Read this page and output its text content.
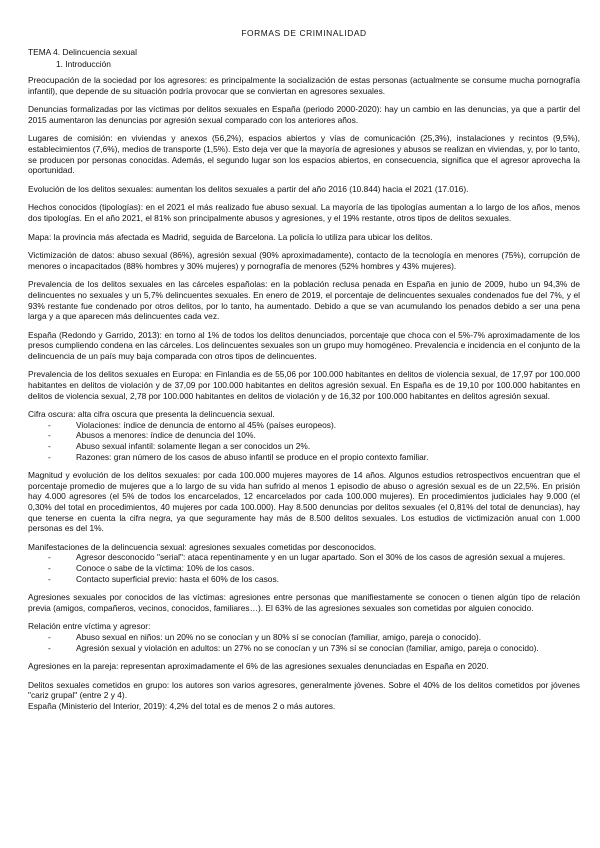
FORMAS DE CRIMINALIDAD
TEMA 4. Delincuencia sexual
1. Introducción

Preocupación de la sociedad por los agresores: es principalmente la socialización de estas personas (actualmente se consume mucha pornografía infantil), que depende de su situación podría provocar que se conviertan en agresores sexuales.

Denuncias formalizadas por las víctimas por delitos sexuales en España (periodo 2000-2020): hay un cambio en las denuncias, ya que a partir del 2015 aumentaron las denuncias por agresión sexual comparado con los anteriores años.

Lugares de comisión: en viviendas y anexos (56,2%), espacios abiertos y vías de comunicación (25,3%), instalaciones y recintos (9,5%), establecimientos (7,6%), medios de transporte (1,5%). Esto deja ver que la mayoría de agresiones y abusos se realizan en viviendas, y, por lo tanto, se producen por personas conocidas. Además, el segundo lugar son los espacios abiertos, en consecuencia, significa que el agresor aprovecha la oportunidad.

Evolución de los delitos sexuales: aumentan los delitos sexuales a partir del año 2016 (10.844) hacia el 2021 (17.016).

Hechos conocidos (tipologías): en el 2021 el más realizado fue abuso sexual. La mayoría de las tipologías aumentan a lo largo de los años, menos dos tipologías. En el año 2021, el 81% son principalmente abusos y agresiones, y el 19% restante, otros tipos de delitos sexuales.

Mapa: la provincia más afectada es Madrid, seguida de Barcelona. La policía lo utiliza para ubicar los delitos.

Victimización de datos: abuso sexual (86%), agresión sexual (90% aproximadamente), contacto de la tecnología en menores (75%), corrupción de menores o incapacitados (88% hombres y 30% mujeres) y pornografía de menores (52% hombres y 43% mujeres).

Prevalencia de los delitos sexuales en las cárceles españolas: en la población reclusa penada en España en junio de 2009, hubo un 94,3% de delincuentes no sexuales y un 5,7% delincuentes sexuales. En enero de 2019, el porcentaje de delincuentes sexuales condenados fue del 7%, y el 93% restante fue condenado por otros delitos, por lo tanto, ha aumentado. Debido a que se van acumulando los penados debido a ser una pena larga y a que aparecen más delincuentes cada vez.

España (Redondo y Garrido, 2013): en torno al 1% de todos los delitos denunciados, porcentaje que choca con el 5%-7% aproximadamente de los presos cumpliendo condena en las cárceles. Los delincuentes sexuales son un grupo muy homogéneo. Prevalencia e incidencia en el conjunto de la delincuencia de un país muy baja comparada con otros tipos de delincuentes.

Prevalencia de los delitos sexuales en Europa: en Finlandia es de 55,06 por 100.000 habitantes en delitos de violencia sexual, de 17,97 por 100.000 habitantes en delitos de violación y de 37,09 por 100.000 habitantes en delitos agresión sexual. En España es de 19,10 por 100.000 habitantes en delitos de violencia sexual, 2,78 por 100.000 habitantes en delitos de violación y de 16,32 por 100.000 habitantes en delitos agresión sexual.

Cifra oscura: alta cifra oscura que presenta la delincuencia sexual.

- Violaciones: índice de denuncia de entorno al 45% (países europeos).
- Abusos a menores: índice de denuncia del 10%.
- Abuso sexual infantil: solamente llegan a ser conocidos un 2%.
- Razones: gran número de los casos de abuso infantil se produce en el propio contexto familiar.

Magnitud y evolución de los delitos sexuales: por cada 100.000 mujeres mayores de 14 años. Algunos estudios retrospectivos encuentran que el porcentaje promedio de mujeres que a lo largo de su vida han sufrido al menos 1 episodio de abuso o agresión sexual es de un 22,5%. En prisión hay 4.000 agresores (el 5% de todos los encarcelados, 12 encarcelados por cada 100.000 mujeres). En procedimientos judiciales hay 9.000 (el 0,30% del total en procedimientos, 40 mujeres por cada 100.000). Hay 8.500 denuncias por delitos sexuales (el 0,81% del total de denuncias), hay que tenerse en cuenta la cifra negra, ya que seguramente hay más de 8.500 delitos sexuales. Los estudios de victimización anual con 1.000 personas es del 1%.

Manifestaciones de la delincuencia sexual: agresiones sexuales cometidas por desconocidos.

- Agresor desconocido "serial": ataca repentinamente y en un lugar apartado. Son el 30% de los casos de agresión sexual a mujeres.
- Conoce o sabe de la víctima: 10% de los casos.
- Contacto superficial previo: hasta el 60% de los casos.

Agresiones sexuales por conocidos de las víctimas: agresiones entre personas que manifiestamente se conocen o tienen algún tipo de relación previa (amigos, compañeros, vecinos, conocidos, familiares…). El 63% de las agresiones sexuales son cometidas por alguien conocido.

Relación entre víctima y agresor:

- Abuso sexual en niños: un 20% no se conocían y un 80% sí se conocían (familiar, amigo, pareja o conocido).
- Agresión sexual y violación en adultos: un 27% no se conocían y un 73% sí se conocían (familiar, amigo, pareja o conocido).

Agresiones en la pareja: representan aproximadamente el 6% de las agresiones sexuales denunciadas en España en 2020.

Delitos sexuales cometidos en grupo: los autores son varios agresores, generalmente jóvenes. Sobre el 40% de los delitos cometidos por jóvenes "cariz grupal" (entre 2 y 4).

España (Ministerio del Interior, 2019): 4,2% del total es de menos 2 o más autores.
